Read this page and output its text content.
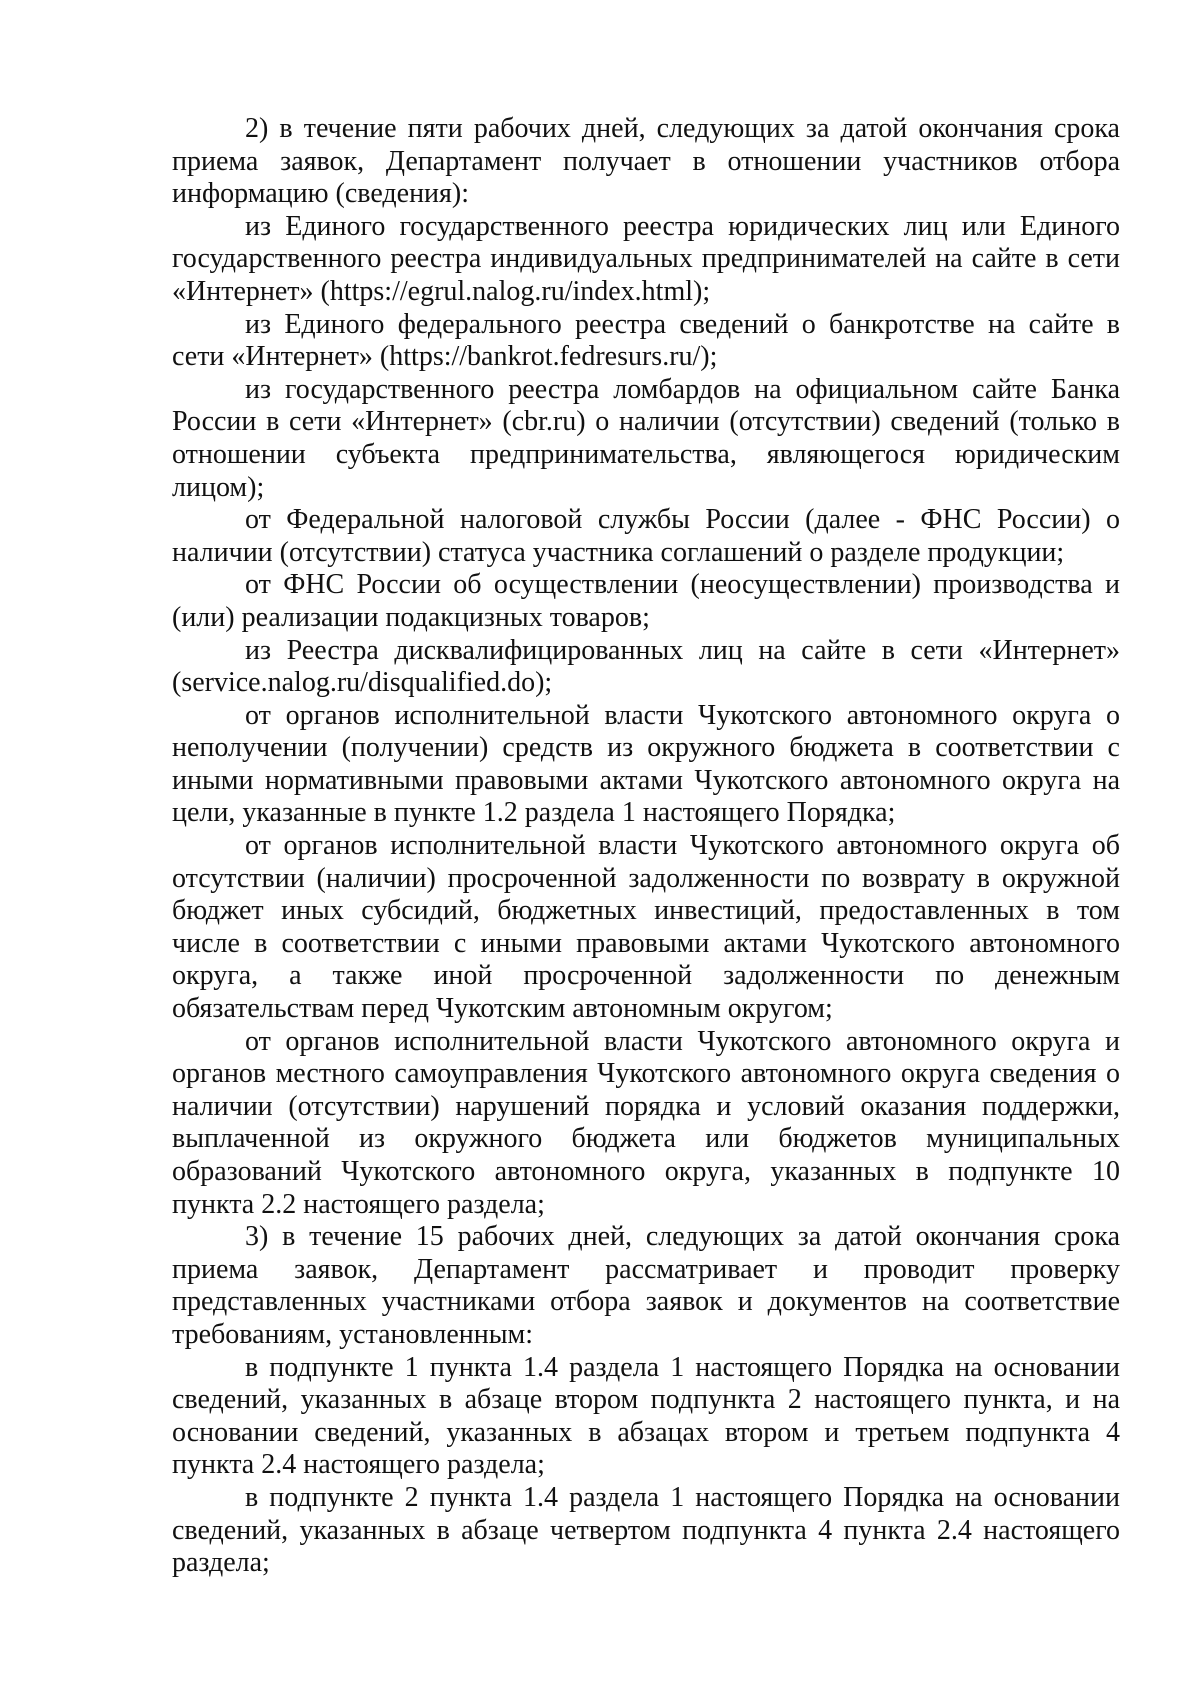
2) в течение пяти рабочих дней, следующих за датой окончания срока приема заявок, Департамент получает в отношении участников отбора информацию (сведения):

из Единого государственного реестра юридических лиц или Единого государственного реестра индивидуальных предпринимателей на сайте в сети «Интернет» (https://egrul.nalog.ru/index.html);

из Единого федерального реестра сведений о банкротстве на сайте в сети «Интернет» (https://bankrot.fedresurs.ru/);

из государственного реестра ломбардов на официальном сайте Банка России в сети «Интернет» (cbr.ru) о наличии (отсутствии) сведений (только в отношении субъекта предпринимательства, являющегося юридическим лицом);

от Федеральной налоговой службы России (далее - ФНС России) о наличии (отсутствии) статуса участника соглашений о разделе продукции;

от ФНС России об осуществлении (неосуществлении) производства и (или) реализации подакцизных товаров;

из Реестра дисквалифицированных лиц на сайте в сети «Интернет» (service.nalog.ru/disqualified.do);

от органов исполнительной власти Чукотского автономного округа о неполучении (получении) средств из окружного бюджета в соответствии с иными нормативными правовыми актами Чукотского автономного округа на цели, указанные в пункте 1.2 раздела 1 настоящего Порядка;

от органов исполнительной власти Чукотского автономного округа об отсутствии (наличии) просроченной задолженности по возврату в окружной бюджет иных субсидий, бюджетных инвестиций, предоставленных в том числе в соответствии с иными правовыми актами Чукотского автономного округа, а также иной просроченной задолженности по денежным обязательствам перед Чукотским автономным округом;

от органов исполнительной власти Чукотского автономного округа и органов местного самоуправления Чукотского автономного округа сведения о наличии (отсутствии) нарушений порядка и условий оказания поддержки, выплаченной из окружного бюджета или бюджетов муниципальных образований Чукотского автономного округа, указанных в подпункте 10 пункта 2.2 настоящего раздела;

3) в течение 15 рабочих дней, следующих за датой окончания срока приема заявок, Департамент рассматривает и проводит проверку представленных участниками отбора заявок и документов на соответствие требованиям, установленным:

в подпункте 1 пункта 1.4 раздела 1 настоящего Порядка на основании сведений, указанных в абзаце втором подпункта 2 настоящего пункта, и на основании сведений, указанных в абзацах втором и третьем подпункта 4 пункта 2.4 настоящего раздела;

в подпункте 2 пункта 1.4 раздела 1 настоящего Порядка на основании сведений, указанных в абзаце четвертом подпункта 4 пункта 2.4 настоящего раздела;
